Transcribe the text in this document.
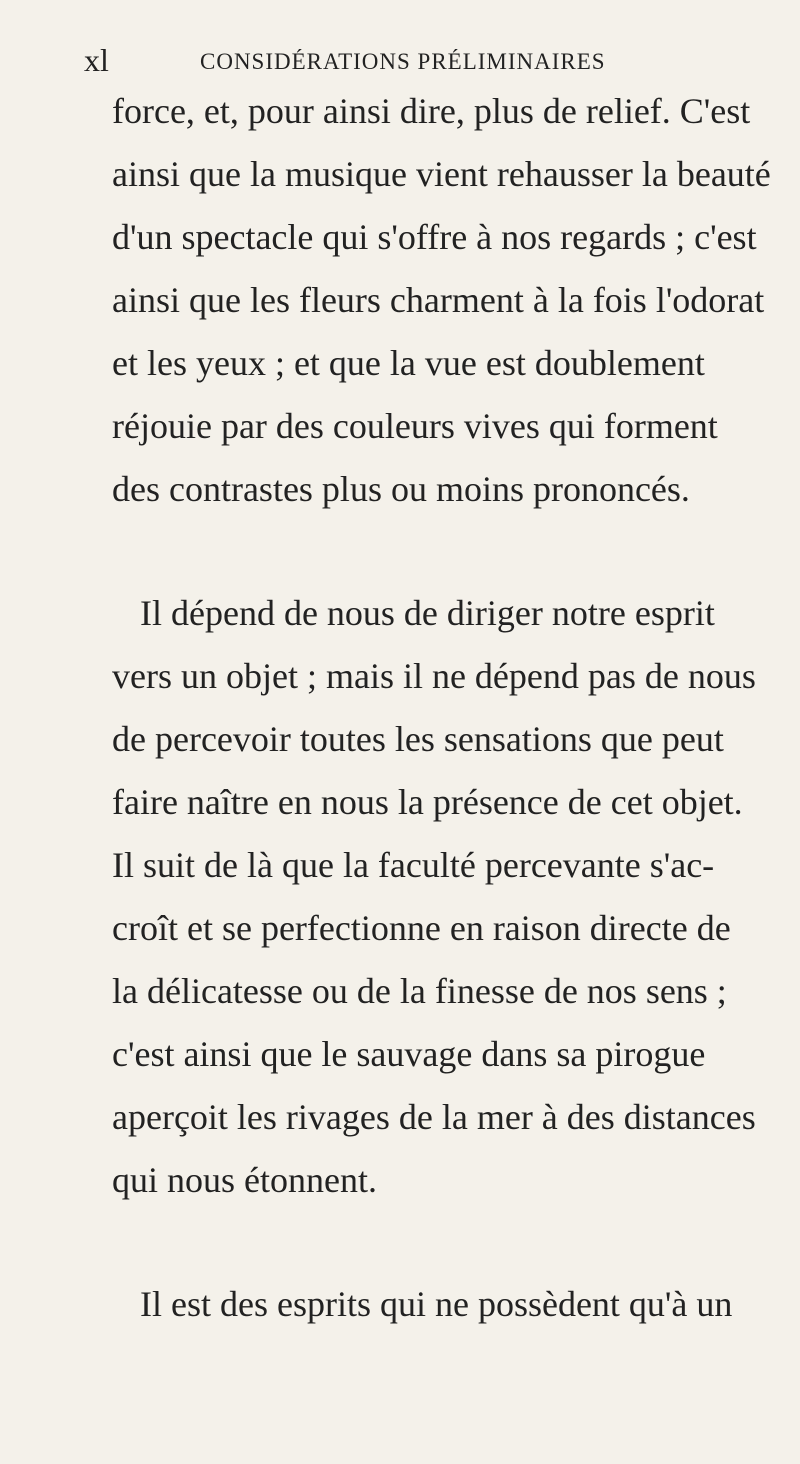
xl	CONSIDÉRATIONS PRÉLIMINAIRES
force, et, pour ainsi dire, plus de relief. C'est
ainsi que la musique vient rehausser la beauté
d'un spectacle qui s'offre à nos regards ; c'est
ainsi que les fleurs charment à la fois l'odorat
et les yeux ; et que la vue est doublement
réjouie par des couleurs vives qui forment
des contrastes plus ou moins prononcés.
Il dépend de nous de diriger notre esprit
vers un objet ; mais il ne dépend pas de nous
de percevoir toutes les sensations que peut
faire naître en nous la présence de cet objet.
Il suit de là que la faculté percevante s'ac-
croît et se perfectionne en raison directe de
la délicatesse ou de la finesse de nos sens ;
c'est ainsi que le sauvage dans sa pirogue
aperçoit les rivages de la mer à des distances
qui nous étonnent.
Il est des esprits qui ne possèdent qu'à un
